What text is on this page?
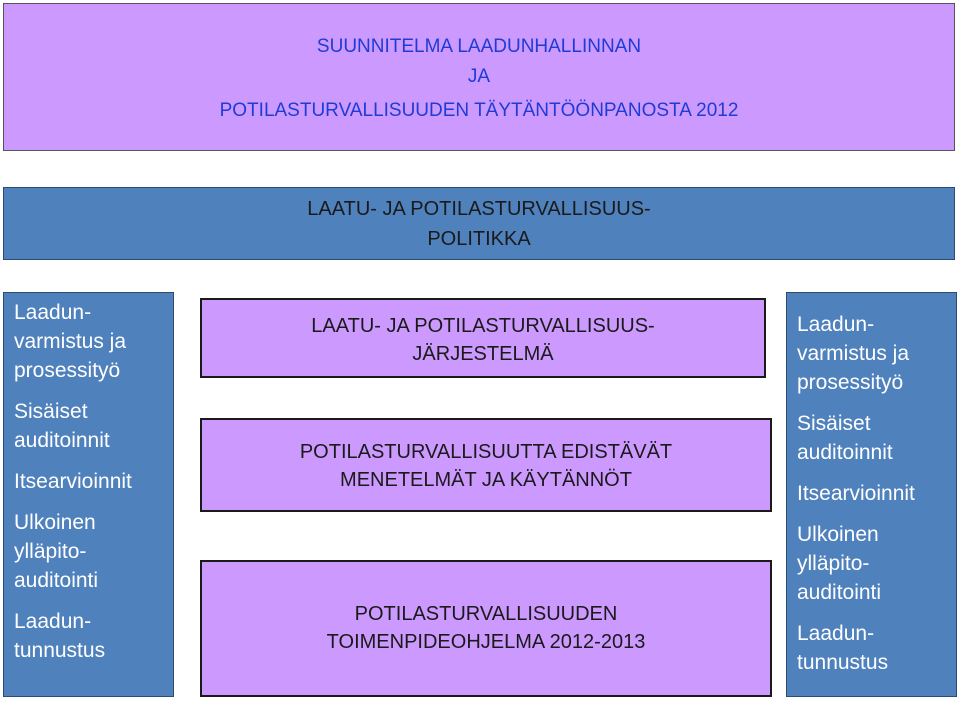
SUUNNITELMA LAADUNHALLINNAN
JA
POTILASTURVALLISUUDEN TÄYTÄNTÖÖNPANOSTA 2012
LAATU- JA POTILASTURVALLISUUS-
POLITIKKA
Laadun-
varmistus ja
prosessityö
Sisäiset
auditoinnit
Itsearvioinnit
Ulkoinen
ylläpito-
auditointi
Laadun-
tunnustus
LAATU- JA POTILASTURVALLISUUS-
JÄRJESTELMÄ
POTILASTURVALLISUUTTA EDISTÄVÄT
MENETELMÄT JA KÄYTÄNNÖT
POTILASTURVALLISUUDEN
TOIMENPIDEOHJELMA 2012-2013
Laadun-
varmistus ja
prosessityö
Sisäiset
auditoinnit
Itsearvioinnit
Ulkoinen
ylläpito-
auditointi
Laadun-
tunnustus
